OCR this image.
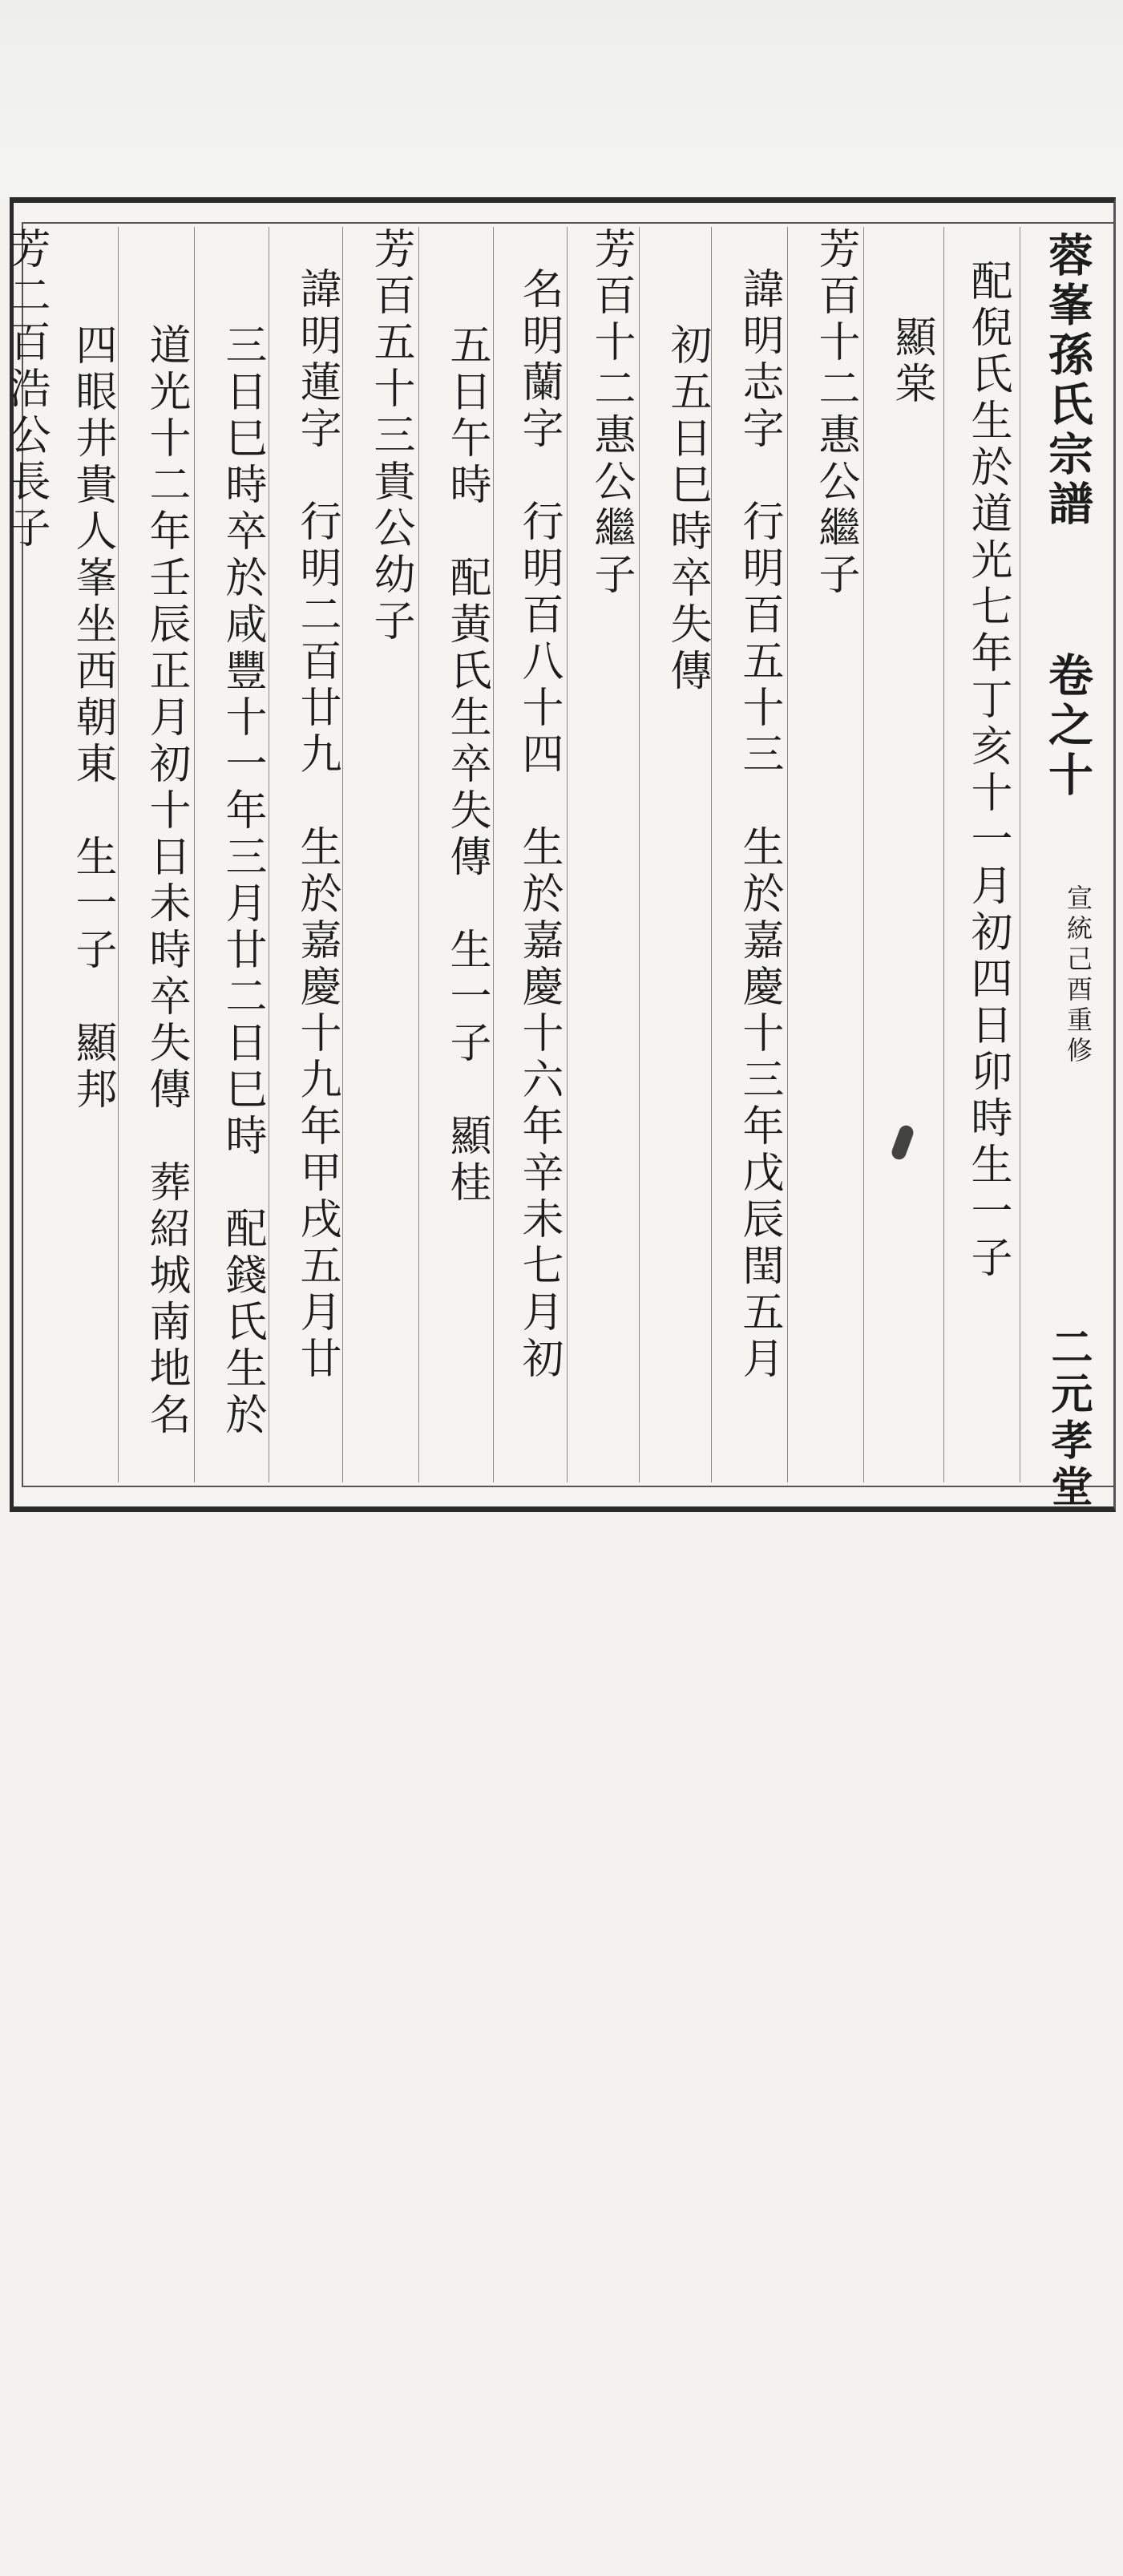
蓉峯孫氏宗譜
卷之十
宣統己酉重修
二元孝堂
配倪氏生於道光七年丁亥十一月初四日卯時生一子
顯棠
芳百十二惠公繼子
諱明志字　行明百五十三　生於嘉慶十三年戊辰閏五月
初五日巳時卒失傳
芳百十二惠公繼子
名明蘭字　行明百八十四　生於嘉慶十六年辛未七月初
五日午時　配黃氏生卒失傳　生一子　顯桂
芳百五十三貴公幼子
諱明蓮字　行明二百廿九　生於嘉慶十九年甲戌五月廿
三日巳時卒於咸豐十一年三月廿二日巳時　配錢氏生於
道光十二年壬辰正月初十日未時卒失傳　葬紹城南地名
四眼井貴人峯坐西朝東　生一子　顯邦
芳二百浩公長子
